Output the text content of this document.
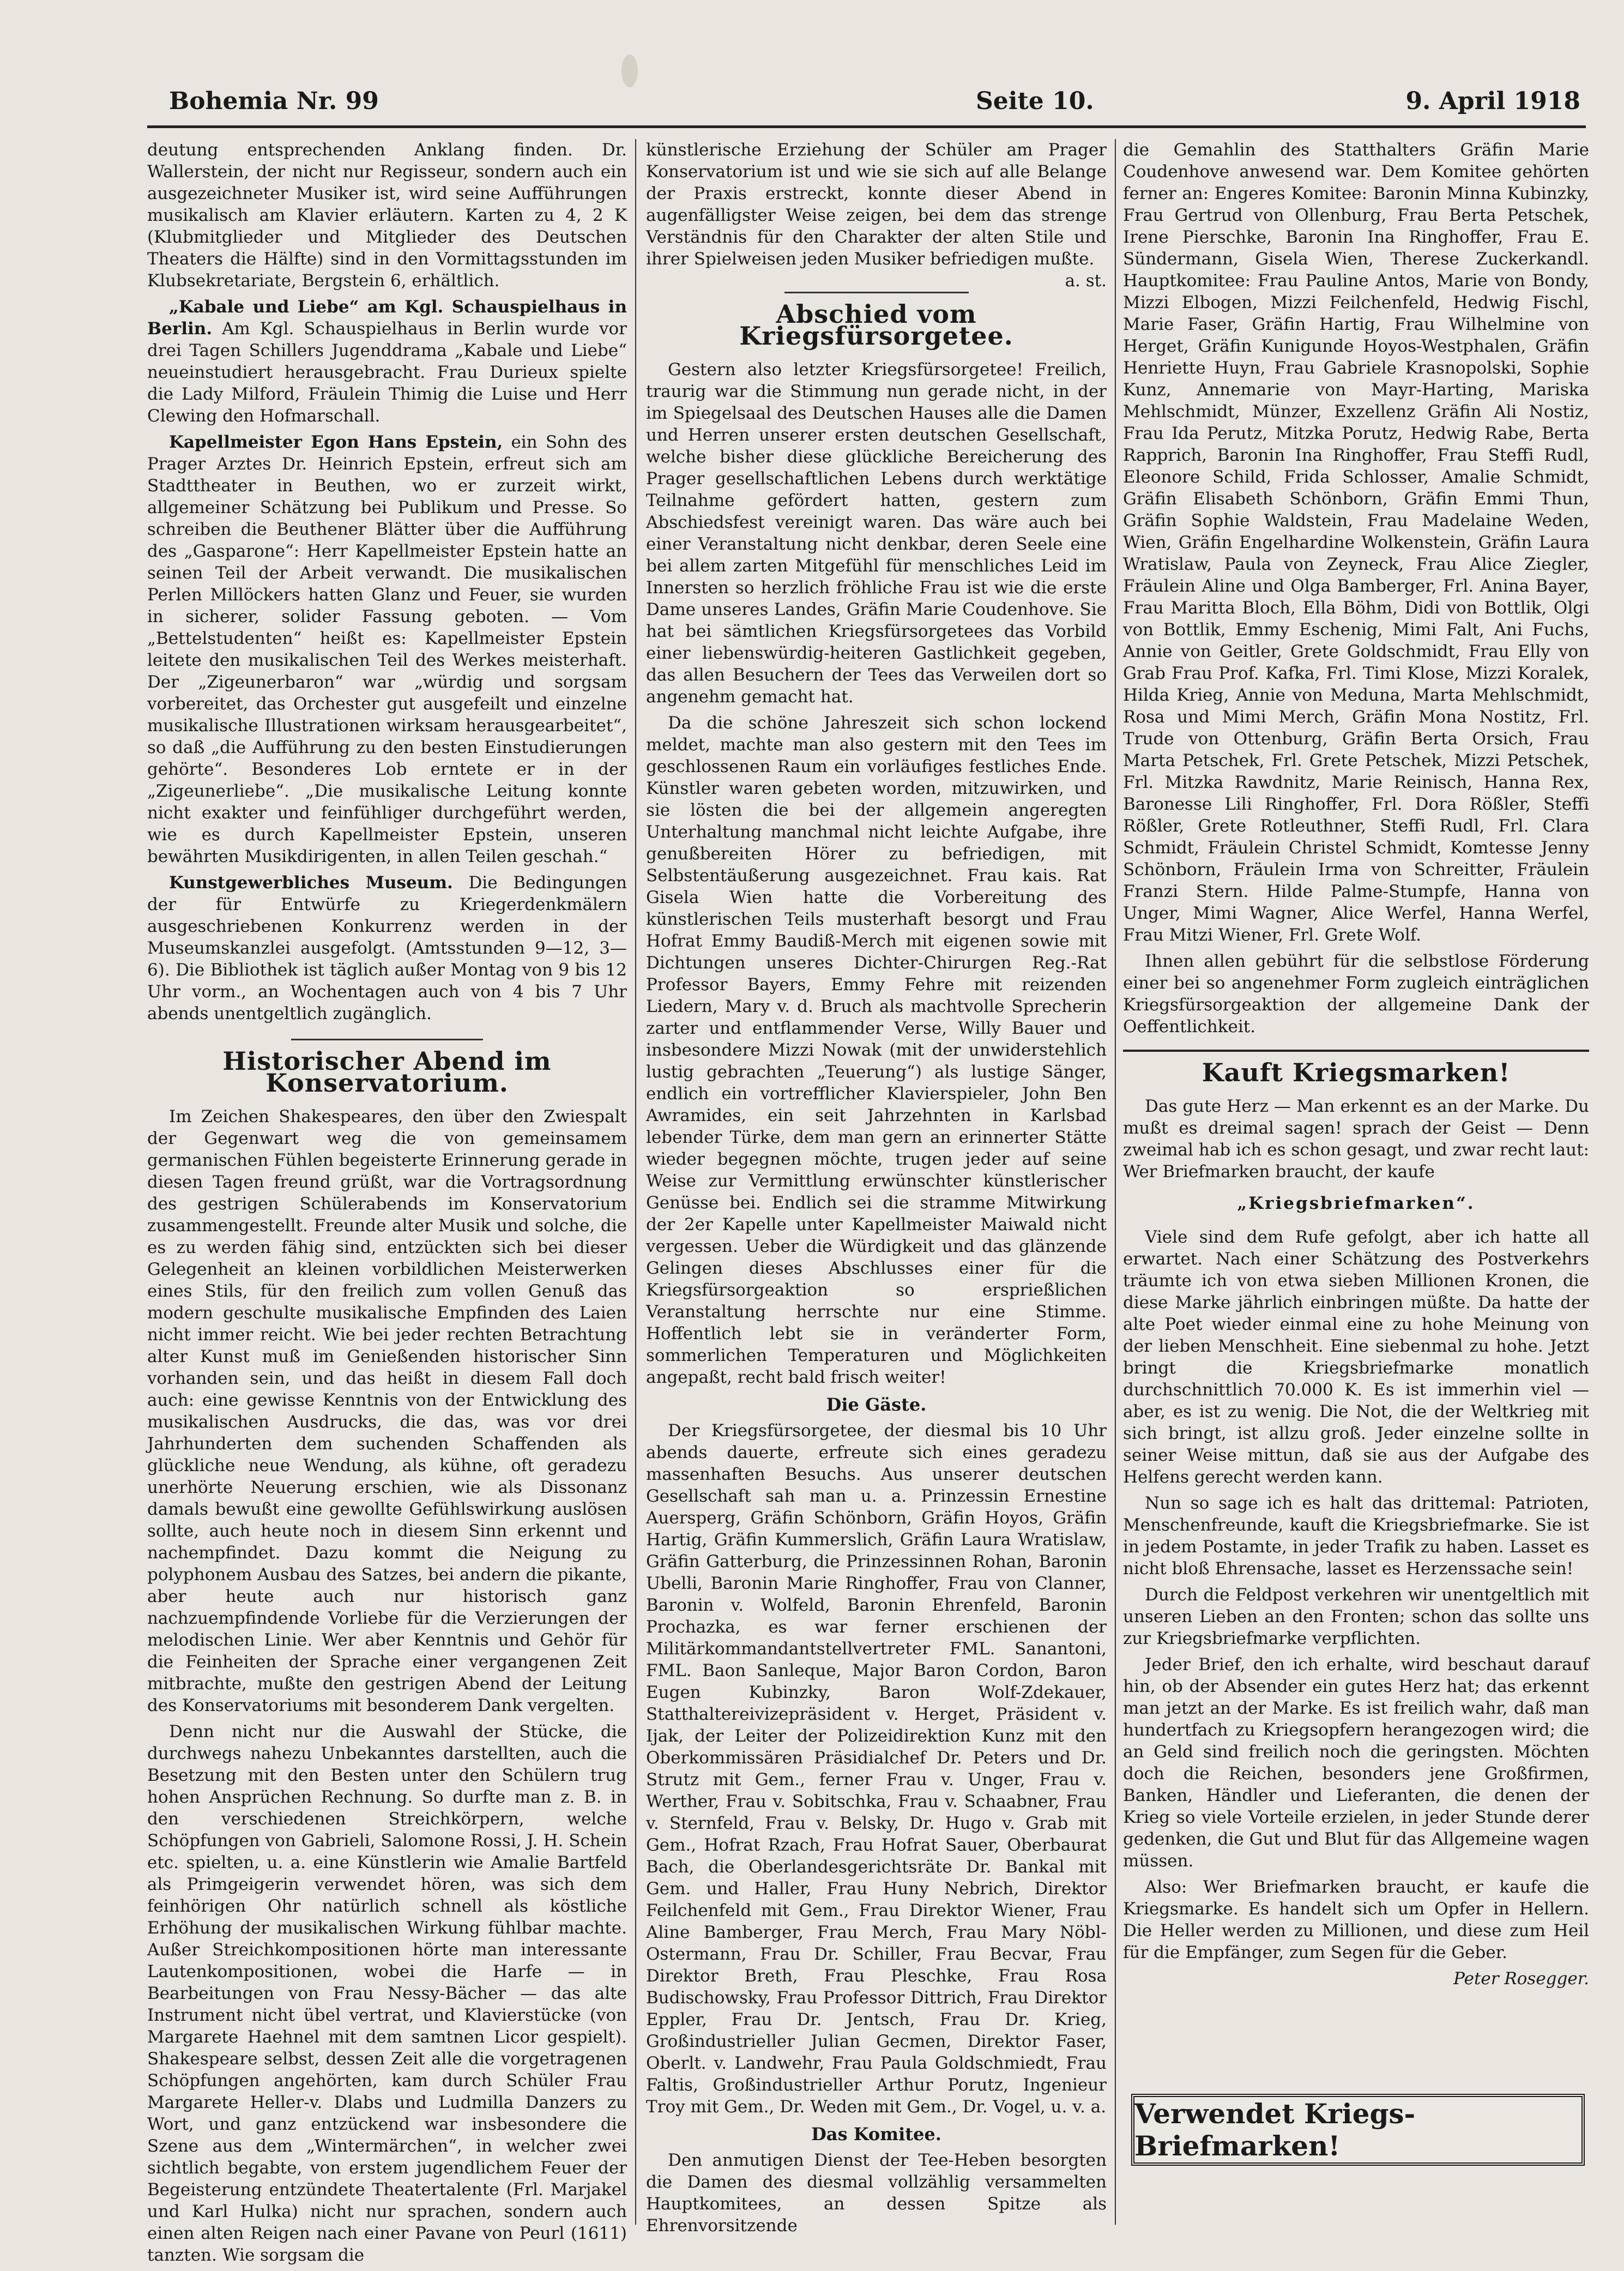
Bohemia Nr. 99	Seite 10.	9. April 1918

deutung entsprechenden Anklang finden. Dr. Wallerstein, der nicht nur Regisseur, sondern auch ein ausgezeichneter Musiker ist, wird seine Aufführungen musikalisch am Klavier erläutern. Karten zu 4, 2 K (Klubmitglieder und Mitglieder des Deutschen Theaters die Hälfte) sind in den Vormittagsstunden im Klubsekretariate, Bergstein 6, erhältlich.

„Kabale und Liebe“ am Kgl. Schauspielhaus in Berlin. Am Kgl. Schauspielhaus in Berlin wurde vor drei Tagen Schillers Jugenddrama „Kabale und Liebe“ neueinstudiert herausgebracht. Frau Durieux spielte die Lady Milford, Fräulein Thimig die Luise und Herr Clewing den Hofmarschall.

Kapellmeister Egon Hans Epstein, ein Sohn des Prager Arztes Dr. Heinrich Epstein, erfreut sich am Stadttheater in Beuthen, wo er zurzeit wirkt, allgemeiner Schätzung bei Publikum und Presse. So schreiben die Beuthener Blätter über die Aufführung des „Gasparone“: Herr Kapellmeister Epstein hatte an seinen Teil der Arbeit verwandt. Die musikalischen Perlen Millöckers hatten Glanz und Feuer, sie wurden in sicherer, solider Fassung geboten. — Vom „Bettelstudenten“ heißt es: Kapellmeister Epstein leitete den musikalischen Teil des Werkes meisterhaft. Der „Zigeunerbaron“ war „würdig und sorgsam vorbereitet, das Orchester gut ausgefeilt und einzelne musikalische Illustrationen wirksam herausgearbeitet“, so daß „die Aufführung zu den besten Einstudierungen gehörte“. Besonderes Lob erntete er in der „Zigeunerliebe“. „Die musikalische Leitung konnte nicht exakter und feinfühliger durchgeführt werden, wie es durch Kapellmeister Epstein, unseren bewährten Musikdirigenten, in allen Teilen geschah.“

Kunstgewerbliches Museum. Die Bedingungen der für Entwürfe zu Kriegerdenkmälern ausgeschriebenen Konkurrenz werden in der Museumskanzlei ausgefolgt. (Amtsstunden 9—12, 3—6). Die Bibliothek ist täglich außer Montag von 9 bis 12 Uhr vorm., an Wochentagen auch von 4 bis 7 Uhr abends unentgeltlich zugänglich.

Historischer Abend im Konservatorium.

Im Zeichen Shakespeares, den über den Zwiespalt der Gegenwart weg die von gemeinsamem germanischen Fühlen begeisterte Erinnerung gerade in diesen Tagen freund grüßt, war die Vortragsordnung des gestrigen Schülerabends im Konservatorium zusammengestellt. Freunde alter Musik und solche, die es zu werden fähig sind, entzückten sich bei dieser Gelegenheit an kleinen vorbildlichen Meisterwerken eines Stils, für den freilich zum vollen Genuß das modern geschulte musikalische Empfinden des Laien nicht immer reicht. Wie bei jeder rechten Betrachtung alter Kunst muß im Genießenden historischer Sinn vorhanden sein, und das heißt in diesem Fall doch auch: eine gewisse Kenntnis von der Entwicklung des musikalischen Ausdrucks, die das, was vor drei Jahrhunderten dem suchenden Schaffenden als glückliche neue Wendung, als kühne, oft geradezu unerhörte Neuerung erschien, wie als Dissonanz damals bewußt eine gewollte Gefühlswirkung auslösen sollte, auch heute noch in diesem Sinn erkennt und nachempfindet. Dazu kommt die Neigung zu polyphonem Ausbau des Satzes, bei andern die pikante, aber heute auch nur historisch ganz nachzuempfindende Vorliebe für die Verzierungen der melodischen Linie. Wer aber Kenntnis und Gehör für die Feinheiten der Sprache einer vergangenen Zeit mitbrachte, mußte den gestrigen Abend der Leitung des Konservatoriums mit besonderem Dank vergelten.

Denn nicht nur die Auswahl der Stücke, die durchwegs nahezu Unbekanntes darstellten, auch die Besetzung mit den Besten unter den Schülern trug hohen Ansprüchen Rechnung. So durfte man z. B. in den verschiedenen Streichkörpern, welche Schöpfungen von Gabrieli, Salomone Rossi, J. H. Schein etc. spielten, u. a. eine Künstlerin wie Amalie Bartfeld als Primgeigerin verwendet hören, was sich dem feinhörigen Ohr natürlich schnell als köstliche Erhöhung der musikalischen Wirkung fühlbar machte. Außer Streichkompositionen hörte man interessante Lautenkompositionen, wobei die Harfe — in Bearbeitungen von Frau Nessy-Bächer — das alte Instrument nicht übel vertrat, und Klavierstücke (von Margarete Haehnel mit dem samtnen Licor gespielt). Shakespeare selbst, dessen Zeit alle die vorgetragenen Schöpfungen angehörten, kam durch Schüler Frau Margarete Heller-v. Dlabs und Ludmilla Danzers zu Wort, und ganz entzückend war insbesondere die Szene aus dem „Wintermärchen“, in welcher zwei sichtlich begabte, von erstem jugendlichem Feuer der Begeisterung entzündete Theatertalente (Frl. Marjakel und Karl Hulka) nicht nur sprachen, sondern auch einen alten Reigen nach einer Pavane von Peurl (1611) tanzten. Wie sorgsam die

künstlerische Erziehung der Schüler am Prager Konservatorium ist und wie sie sich auf alle Belange der Praxis erstreckt, konnte dieser Abend in augenfälligster Weise zeigen, bei dem das strenge Verständnis für den Charakter der alten Stile und ihrer Spielweisen jeden Musiker befriedigen mußte.
a. st.

Abschied vom Kriegsfürsorgetee.

Gestern also letzter Kriegsfürsorgetee! Freilich, traurig war die Stimmung nun gerade nicht, in der im Spiegelsaal des Deutschen Hauses alle die Damen und Herren unserer ersten deutschen Gesellschaft, welche bisher diese glückliche Bereicherung des Prager gesellschaftlichen Lebens durch werktätige Teilnahme gefördert hatten, gestern zum Abschiedsfest vereinigt waren. Das wäre auch bei einer Veranstaltung nicht denkbar, deren Seele eine bei allem zarten Mitgefühl für menschliches Leid im Innersten so herzlich fröhliche Frau ist wie die erste Dame unseres Landes, Gräfin Marie Coudenhove. Sie hat bei sämtlichen Kriegsfürsorgetees das Vorbild einer liebenswürdig-heiteren Gastlichkeit gegeben, das allen Besuchern der Tees das Verweilen dort so angenehm gemacht hat.

Da die schöne Jahreszeit sich schon lockend meldet, machte man also gestern mit den Tees im geschlossenen Raum ein vorläufiges festliches Ende. Künstler waren gebeten worden, mitzuwirken, und sie lösten die bei der allgemein angeregten Unterhaltung manchmal nicht leichte Aufgabe, ihre genußbereiten Hörer zu befriedigen, mit Selbstentäußerung ausgezeichnet. Frau kais. Rat Gisela Wien hatte die Vorbereitung des künstlerischen Teils musterhaft besorgt und Frau Hofrat Emmy Baudiß-Merch mit eigenen sowie mit Dichtungen unseres Dichter-Chirurgen Reg.-Rat Professor Bayers, Emmy Fehre mit reizenden Liedern, Mary v. d. Bruch als machtvolle Sprecherin zarter und entflammender Verse, Willy Bauer und insbesondere Mizzi Nowak (mit der unwiderstehlich lustig gebrachten „Teuerung“) als lustige Sänger, endlich ein vortrefflicher Klavierspieler, John Ben Awramides, ein seit Jahrzehnten in Karlsbad lebender Türke, dem man gern an erinnerter Stätte wieder begegnen möchte, trugen jeder auf seine Weise zur Vermittlung erwünschter künstlerischer Genüsse bei. Endlich sei die stramme Mitwirkung der 2er Kapelle unter Kapellmeister Maiwald nicht vergessen. Ueber die Würdigkeit und das glänzende Gelingen dieses Abschlusses einer für die Kriegsfürsorgeaktion so ersprießlichen Veranstaltung herrschte nur eine Stimme. Hoffentlich lebt sie in veränderter Form, sommerlichen Temperaturen und Möglichkeiten angepaßt, recht bald frisch weiter!

Die Gäste.

Der Kriegsfürsorgetee, der diesmal bis 10 Uhr abends dauerte, erfreute sich eines geradezu massenhaften Besuchs. Aus unserer deutschen Gesellschaft sah man u. a. Prinzessin Ernestine Auersperg, Gräfin Schönborn, Gräfin Hoyos, Gräfin Hartig, Gräfin Kummerslich, Gräfin Laura Wratislaw, Gräfin Gatterburg, die Prinzessinnen Rohan, Baronin Ubelli, Baronin Marie Ringhoffer, Frau von Clanner, Baronin v. Wolfeld, Baronin Ehrenfeld, Baronin Prochazka, es war ferner erschienen der Militärkommandantstellvertreter FML. Sanantoni, FML. Baon Sanleque, Major Baron Cordon, Baron Eugen Kubinzky, Baron Wolf-Zdekauer, Statthaltereivizepräsident v. Herget, Präsident v. Ijak, der Leiter der Polizeidirektion Kunz mit den Oberkommissären Präsidialchef Dr. Peters und Dr. Strutz mit Gem., ferner Frau v. Unger, Frau v. Werther, Frau v. Sobitschka, Frau v. Schaabner, Frau v. Sternfeld, Frau v. Belsky, Dr. Hugo v. Grab mit Gem., Hofrat Rzach, Frau Hofrat Sauer, Oberbaurat Bach, die Oberlandesgerichtsräte Dr. Bankal mit Gem. und Haller, Frau Huny Nebrich, Direktor Feilchenfeld mit Gem., Frau Direktor Wiener, Frau Aline Bamberger, Frau Merch, Frau Mary Nöbl-Ostermann, Frau Dr. Schiller, Frau Becvar, Frau Direktor Breth, Frau Pleschke, Frau Rosa Budischowsky, Frau Professor Dittrich, Frau Direktor Eppler, Frau Dr. Jentsch, Frau Dr. Krieg, Großindustrieller Julian Gecmen, Direktor Faser, Oberlt. v. Landwehr, Frau Paula Goldschmiedt, Frau Faltis, Großindustrieller Arthur Porutz, Ingenieur Troy mit Gem., Dr. Weden mit Gem., Dr. Vogel, u. v. a.

Das Komitee.

Den anmutigen Dienst der Tee-Heben besorgten die Damen des diesmal vollzählig versammelten Hauptkomitees, an dessen Spitze als Ehrenvorsitzende

die Gemahlin des Statthalters Gräfin Marie Coudenhove anwesend war. Dem Komitee gehörten ferner an: Engeres Komitee: Baronin Minna Kubinzky, Frau Gertrud von Ollenburg, Frau Berta Petschek, Irene Pierschke, Baronin Ina Ringhoffer, Frau E. Sündermann, Gisela Wien, Therese Zuckerkandl. Hauptkomitee: Frau Pauline Antos, Marie von Bondy, Mizzi Elbogen, Mizzi Feilchenfeld, Hedwig Fischl, Marie Faser, Gräfin Hartig, Frau Wilhelmine von Herget, Gräfin Kunigunde Hoyos-Westphalen, Gräfin Henriette Huyn, Frau Gabriele Krasnopolski, Sophie Kunz, Annemarie von Mayr-Harting, Mariska Mehlschmidt, Münzer, Exzellenz Gräfin Ali Nostiz, Frau Ida Perutz, Mitzka Porutz, Hedwig Rabe, Berta Rapprich, Baronin Ina Ringhoffer, Frau Steffi Rudl, Eleonore Schild, Frida Schlosser, Amalie Schmidt, Gräfin Elisabeth Schönborn, Gräfin Emmi Thun, Gräfin Sophie Waldstein, Frau Madelaine Weden, Wien, Gräfin Engelhardine Wolkenstein, Gräfin Laura Wratislaw, Paula von Zeyneck, Frau Alice Ziegler, Fräulein Aline und Olga Bamberger, Frl. Anina Bayer, Frau Maritta Bloch, Ella Böhm, Didi von Bottlik, Olgi von Bottlik, Emmy Eschenig, Mimi Falt, Ani Fuchs, Annie von Geitler, Grete Goldschmidt, Frau Elly von Grab Frau Prof. Kafka, Frl. Timi Klose, Mizzi Koralek, Hilda Krieg, Annie von Meduna, Marta Mehlschmidt, Rosa und Mimi Merch, Gräfin Mona Nostitz, Frl. Trude von Ottenburg, Gräfin Berta Orsich, Frau Marta Petschek, Frl. Grete Petschek, Mizzi Petschek, Frl. Mitzka Rawdnitz, Marie Reinisch, Hanna Rex, Baronesse Lili Ringhoffer, Frl. Dora Rößler, Steffi Rößler, Grete Rotleuthner, Steffi Rudl, Frl. Clara Schmidt, Fräulein Christel Schmidt, Komtesse Jenny Schönborn, Fräulein Irma von Schreitter, Fräulein Franzi Stern. Hilde Palme-Stumpfe, Hanna von Unger, Mimi Wagner, Alice Werfel, Hanna Werfel, Frau Mitzi Wiener, Frl. Grete Wolf.

Ihnen allen gebührt für die selbstlose Förderung einer bei so angenehmer Form zugleich einträglichen Kriegsfürsorgeaktion der allgemeine Dank der Oeffentlichkeit.

Kauft Kriegsmarken!

Das gute Herz — Man erkennt es an der Marke. Du mußt es dreimal sagen! sprach der Geist — Denn zweimal hab ich es schon gesagt, und zwar recht laut: Wer Briefmarken braucht, der kaufe

„Kriegsbriefmarken“.

Viele sind dem Rufe gefolgt, aber ich hatte all erwartet. Nach einer Schätzung des Postverkehrs träumte ich von etwa sieben Millionen Kronen, die diese Marke jährlich einbringen müßte. Da hatte der alte Poet wieder einmal eine zu hohe Meinung von der lieben Menschheit. Eine siebenmal zu hohe. Jetzt bringt die Kriegsbriefmarke monatlich durchschnittlich 70.000 K. Es ist immerhin viel — aber, es ist zu wenig. Die Not, die der Weltkrieg mit sich bringt, ist allzu groß. Jeder einzelne sollte in seiner Weise mittun, daß sie aus der Aufgabe des Helfens gerecht werden kann.

Nun so sage ich es halt das drittemal: Patrioten, Menschenfreunde, kauft die Kriegsbriefmarke. Sie ist in jedem Postamte, in jeder Trafik zu haben. Lasset es nicht bloß Ehrensache, lasset es Herzenssache sein!

Durch die Feldpost verkehren wir unentgeltlich mit unseren Lieben an den Fronten; schon das sollte uns zur Kriegsbriefmarke verpflichten.

Jeder Brief, den ich erhalte, wird beschaut darauf hin, ob der Absender ein gutes Herz hat; das erkennt man jetzt an der Marke. Es ist freilich wahr, daß man hundertfach zu Kriegsopfern herangezogen wird; die an Geld sind freilich noch die geringsten. Möchten doch die Reichen, besonders jene Großfirmen, Banken, Händler und Lieferanten, die denen der Krieg so viele Vorteile erzielen, in jeder Stunde derer gedenken, die Gut und Blut für das Allgemeine wagen müssen.

Also: Wer Briefmarken braucht, er kaufe die Kriegsmarke. Es handelt sich um Opfer in Hellern. Die Heller werden zu Millionen, und diese zum Heil für die Empfänger, zum Segen für die Geber.

Peter Rosegger.
Verwendet Kriegs-Briefmarken!
